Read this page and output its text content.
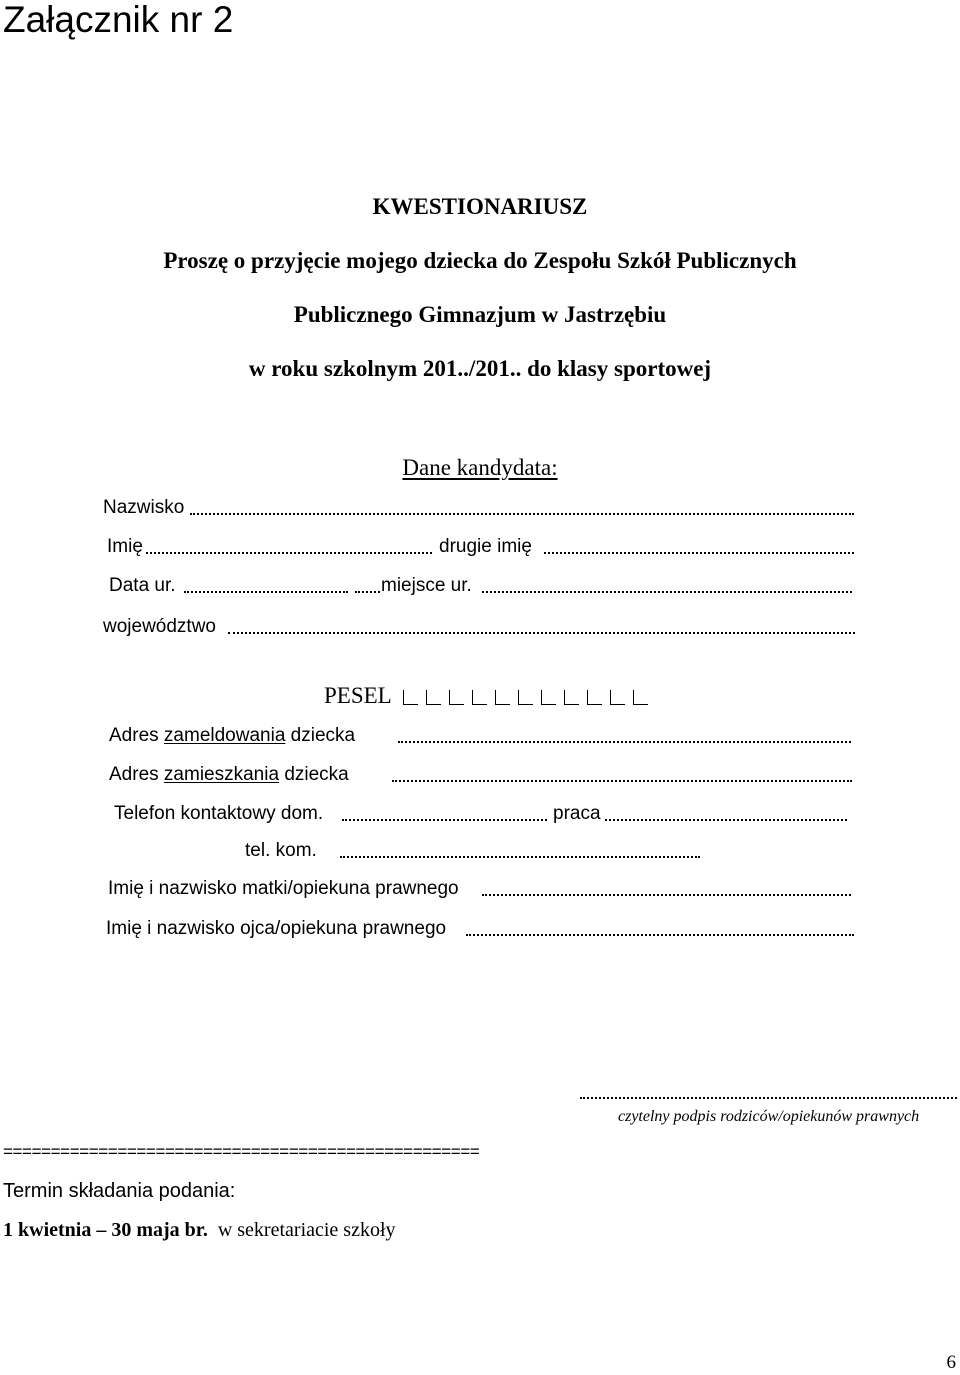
Załącznik nr 2
KWESTIONARIUSZ
Proszę o przyjęcie mojego dziecka do Zespołu Szkół Publicznych
Publicznego Gimnazjum w Jastrzębiu
w roku szkolnym 201../201.. do klasy sportowej
Dane kandydata:
Nazwisko
Imię	drugie imię
Data ur.	miejsce ur.
województwo
PESEL
Adres zameldowania dziecka
Adres zamieszkania dziecka
Telefon kontaktowy dom.	praca
tel. kom.
Imię i nazwisko matki/opiekuna prawnego
Imię i nazwisko ojca/opiekuna prawnego
czytelny podpis rodziców/opiekunów prawnych
==================================================
Termin składania podania:
1 kwietnia – 30 maja br. w sekretariacie szkoły
6
